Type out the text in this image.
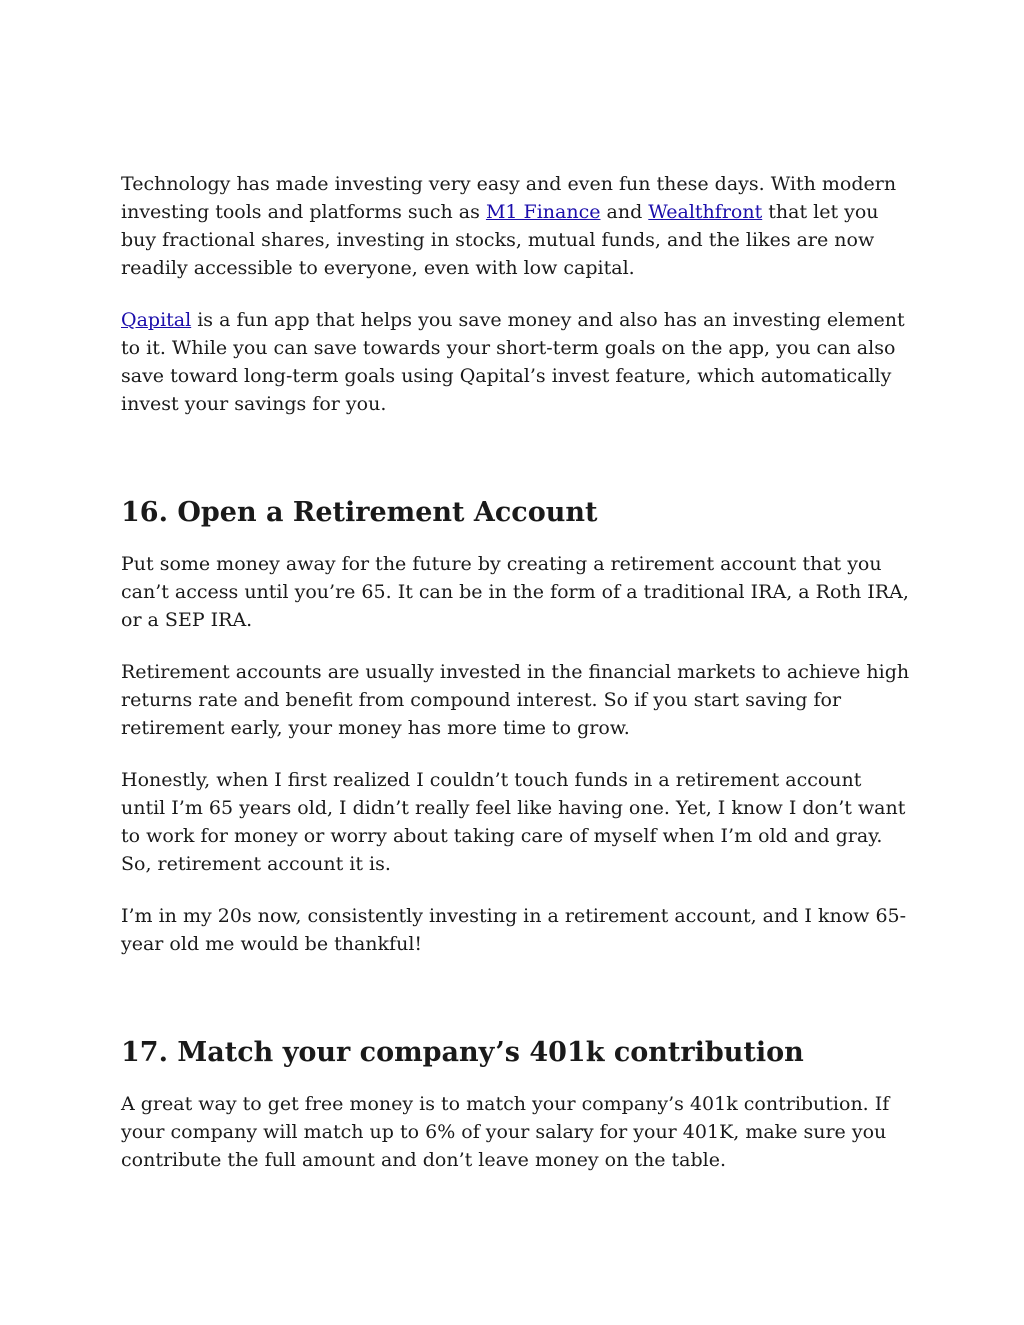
Technology has made investing very easy and even fun these days. With modern investing tools and platforms such as M1 Finance and Wealthfront that let you buy fractional shares, investing in stocks, mutual funds, and the likes are now readily accessible to everyone, even with low capital.

Qapital is a fun app that helps you save money and also has an investing element to it. While you can save towards your short-term goals on the app, you can also save toward long-term goals using Qapital’s invest feature, which automatically invest your savings for you.

16. Open a Retirement Account

Put some money away for the future by creating a retirement account that you can’t access until you’re 65. It can be in the form of a traditional IRA, a Roth IRA, or a SEP IRA.

Retirement accounts are usually invested in the financial markets to achieve high returns rate and benefit from compound interest. So if you start saving for retirement early, your money has more time to grow.

Honestly, when I first realized I couldn’t touch funds in a retirement account until I’m 65 years old, I didn’t really feel like having one. Yet, I know I don’t want to work for money or worry about taking care of myself when I’m old and gray. So, retirement account it is.

I’m in my 20s now, consistently investing in a retirement account, and I know 65-year old me would be thankful!

17. Match your company’s 401k contribution

A great way to get free money is to match your company’s 401k contribution. If your company will match up to 6% of your salary for your 401K, make sure you contribute the full amount and don’t leave money on the table.
